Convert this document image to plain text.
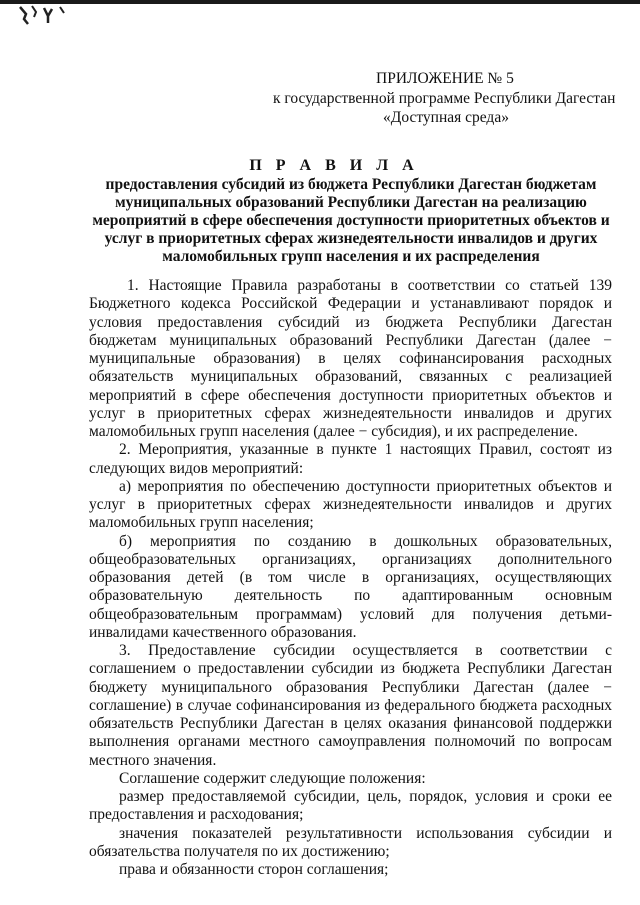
ПРИЛОЖЕНИЕ № 5
к государственной программе Республики Дагестан
«Доступная среда»
П Р А В И Л А
предоставления субсидий из бюджета Республики Дагестан бюджетам муниципальных образований Республики Дагестан на реализацию мероприятий в сфере обеспечения доступности приоритетных объектов и услуг в приоритетных сферах жизнедеятельности инвалидов и других маломобильных групп населения и их распределения

1. Настоящие Правила разработаны в соответствии со статьей 139 Бюджетного кодекса Российской Федерации и устанавливают порядок и условия предоставления субсидий из бюджета Республики Дагестан бюджетам муниципальных образований Республики Дагестан (далее − муниципальные образования) в целях софинансирования расходных обязательств муниципальных образований, связанных с реализацией мероприятий в сфере обеспечения доступности приоритетных объектов и услуг в приоритетных сферах жизнедеятельности инвалидов и других маломобильных групп населения (далее − субсидия), и их распределение.

2. Мероприятия, указанные в пункте 1 настоящих Правил, состоят из следующих видов мероприятий:

а) мероприятия по обеспечению доступности приоритетных объектов и услуг в приоритетных сферах жизнедеятельности инвалидов и других маломобильных групп населения;

б) мероприятия по созданию в дошкольных образовательных, общеобразовательных организациях, организациях дополнительного образования детей (в том числе в организациях, осуществляющих образовательную деятельность по адаптированным основным общеобразовательным программам) условий для получения детьми-инвалидами качественного образования.

3. Предоставление субсидии осуществляется в соответствии с соглашением о предоставлении субсидии из бюджета Республики Дагестан бюджету муниципального образования Республики Дагестан (далее − соглашение) в случае софинансирования из федерального бюджета расходных обязательств Республики Дагестан в целях оказания финансовой поддержки выполнения органами местного самоуправления полномочий по вопросам местного значения.

Соглашение содержит следующие положения:

размер предоставляемой субсидии, цель, порядок, условия и сроки ее предоставления и расходования;

значения показателей результативности использования субсидии и обязательства получателя по их достижению;

права и обязанности сторон соглашения;
